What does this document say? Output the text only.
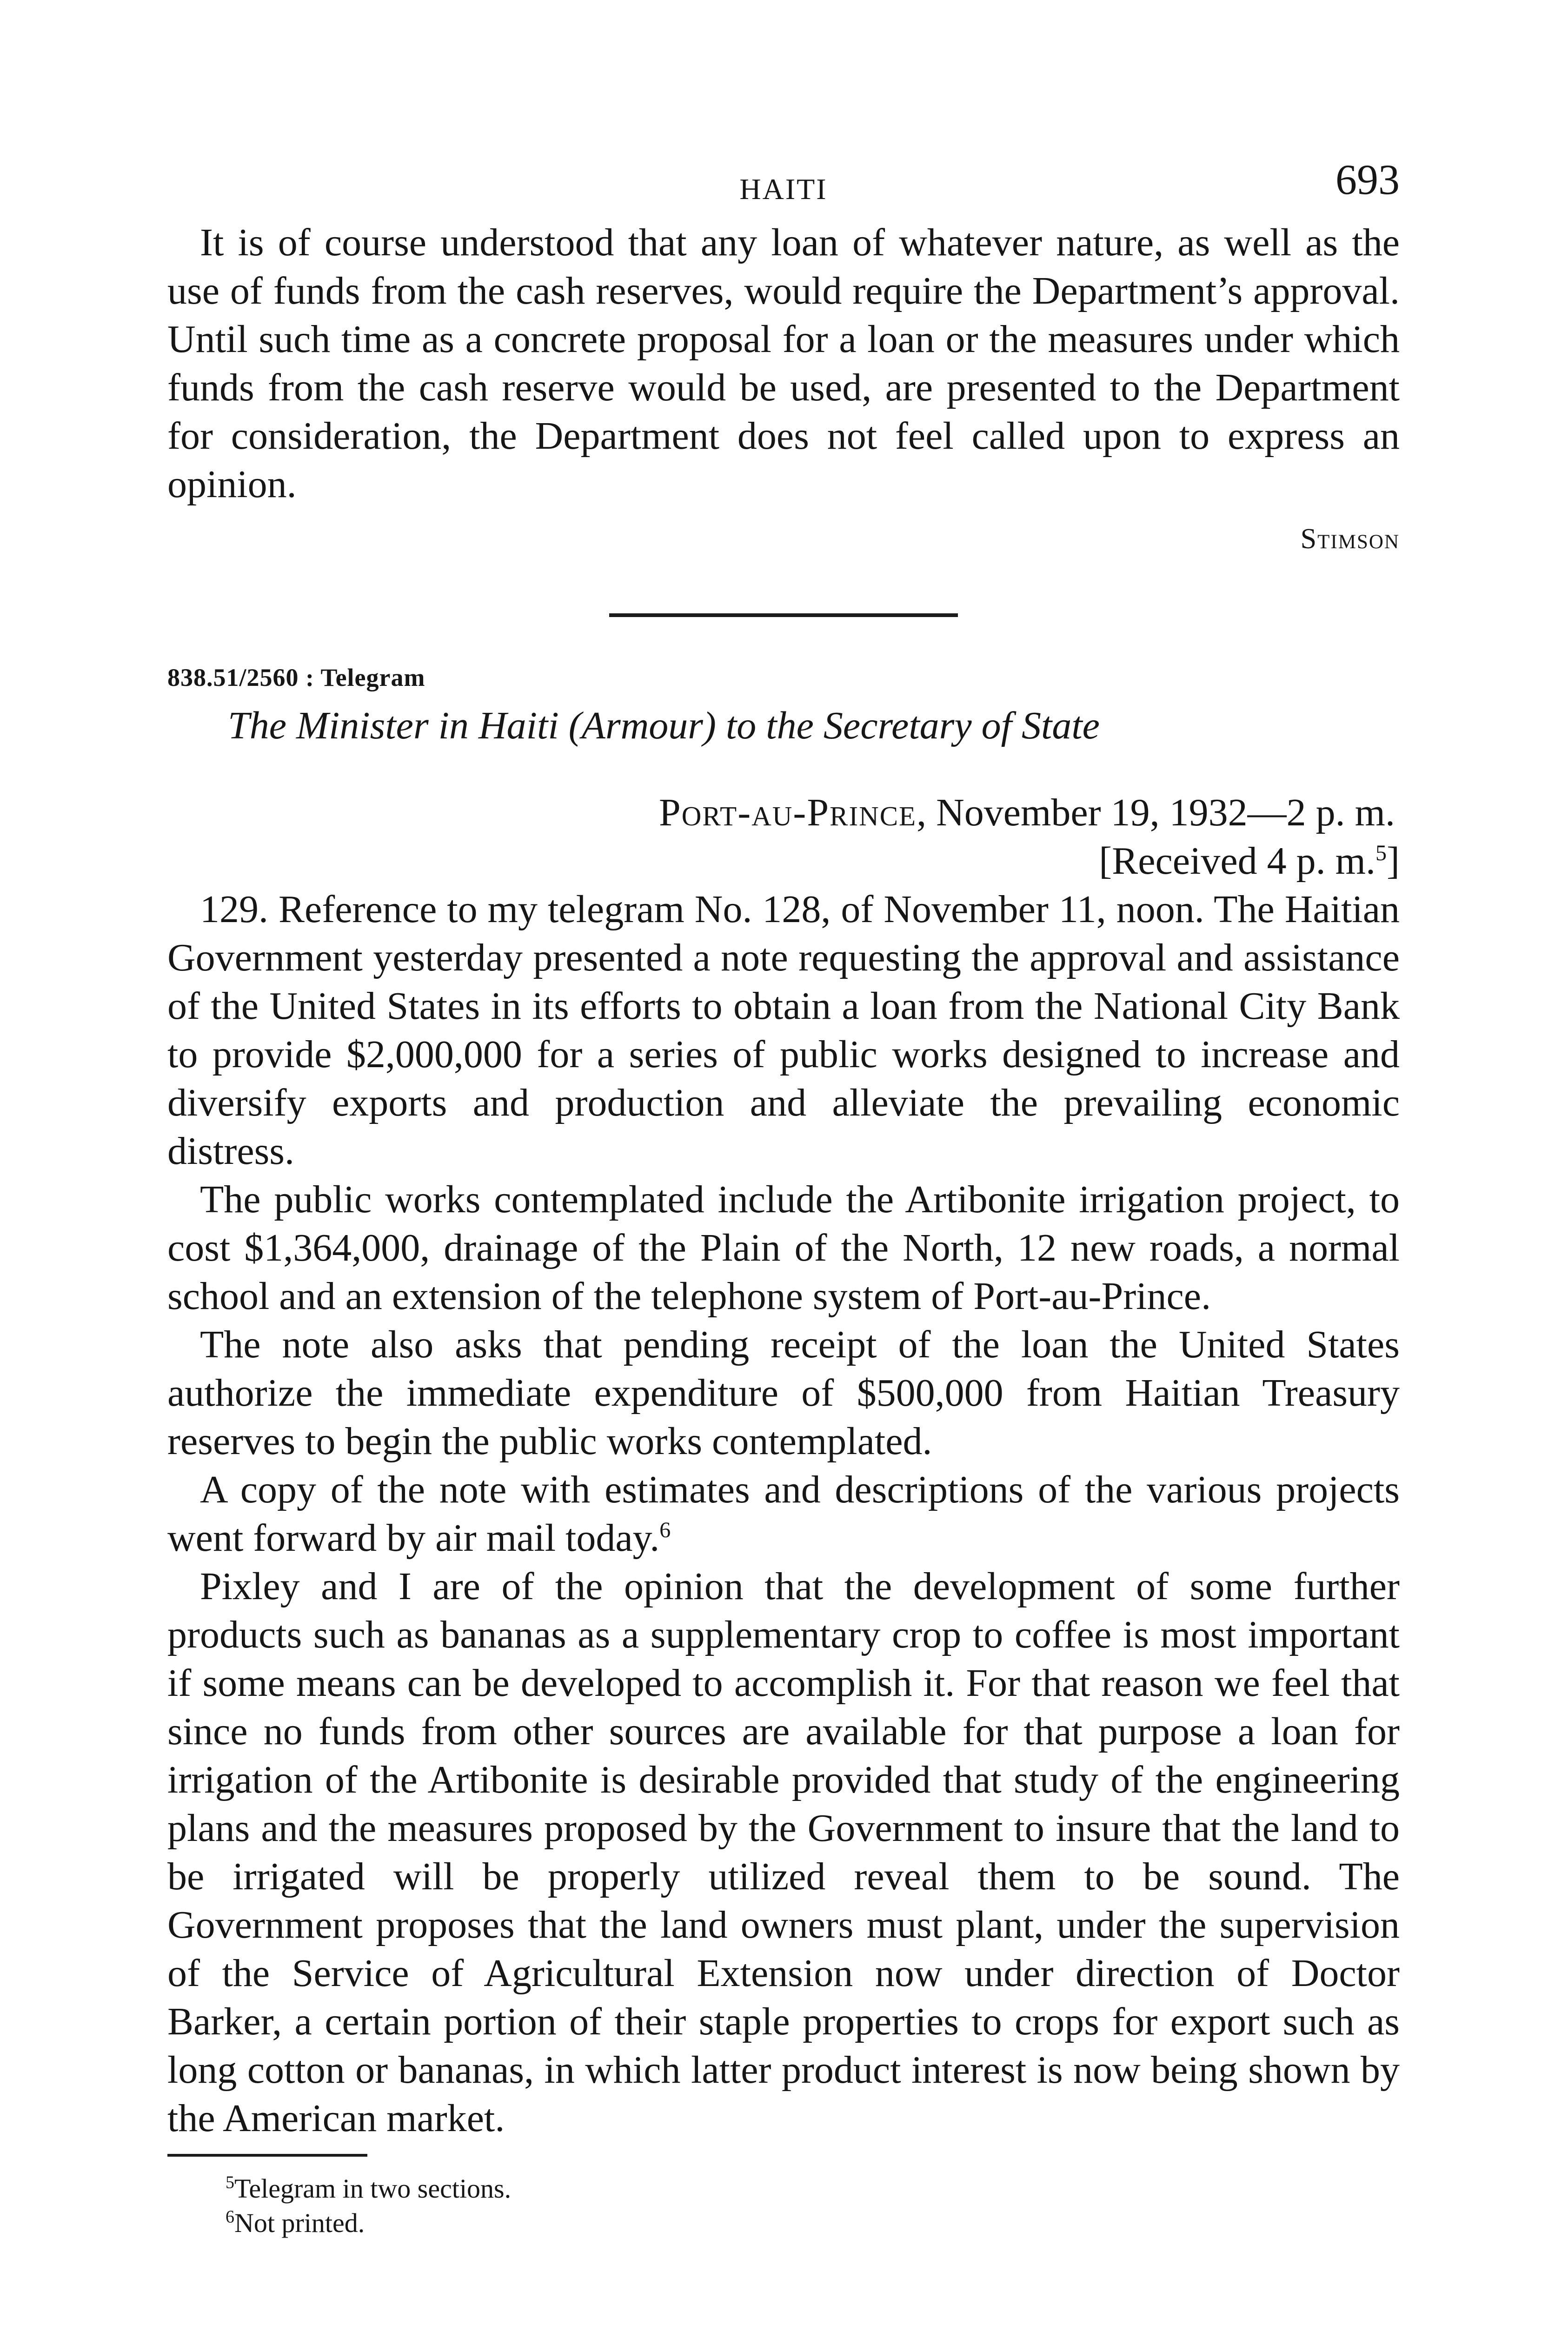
HAITI	693

It is of course understood that any loan of whatever nature, as well as the use of funds from the cash reserves, would require the Department’s approval. Until such time as a concrete proposal for a loan or the measures under which funds from the cash reserve would be used, are presented to the Department for consideration, the Department does not feel called upon to express an opinion.

Stimson
838.51/2560 : Telegram
The Minister in Haiti (Armour) to the Secretary of State
Port-au-Prince, November 19, 1932—2 p. m.
[Received 4 p. m.$^5$]

129. Reference to my telegram No. 128, of November 11, noon. The Haitian Government yesterday presented a note requesting the approval and assistance of the United States in its efforts to obtain a loan from the National City Bank to provide $2,000,000 for a series of public works designed to increase and diversify exports and production and alleviate the prevailing economic distress.

The public works contemplated include the Artibonite irrigation project, to cost $1,364,000, drainage of the Plain of the North, 12 new roads, a normal school and an extension of the telephone system of Port-au-Prince.

The note also asks that pending receipt of the loan the United States authorize the immediate expenditure of $500,000 from Haitian Treasury reserves to begin the public works contemplated.

A copy of the note with estimates and descriptions of the various projects went forward by air mail today.$^6$

Pixley and I are of the opinion that the development of some further products such as bananas as a supplementary crop to coffee is most important if some means can be developed to accomplish it. For that reason we feel that since no funds from other sources are available for that purpose a loan for irrigation of the Artibonite is desirable provided that study of the engineering plans and the measures proposed by the Government to insure that the land to be irrigated will be properly utilized reveal them to be sound. The Government proposes that the land owners must plant, under the supervision of the Service of Agricultural Extension now under direction of Doctor Barker, a certain portion of their staple properties to crops for export such as long cotton or bananas, in which latter product interest is now being shown by the American market.

$^5$Telegram in two sections.
$^6$Not printed.
